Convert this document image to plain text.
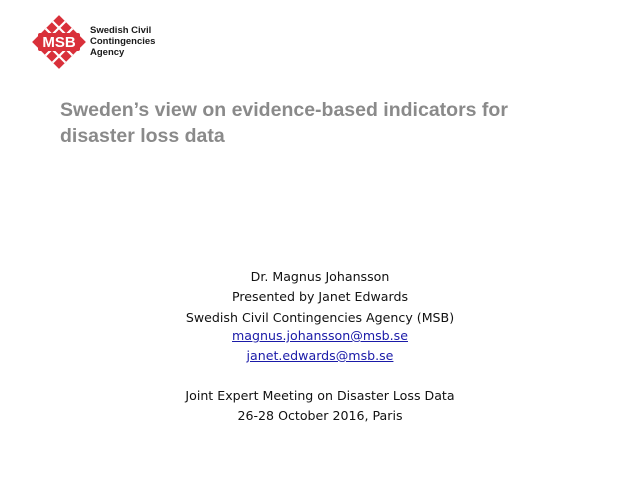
MSB
Swedish Civil
Contingencies
Agency
Sweden’s view on evidence-based indicators for
disaster loss data
Dr. Magnus Johansson
Presented by Janet Edwards
Swedish Civil Contingencies Agency (MSB)
magnus.johansson@msb.se
janet.edwards@msb.se
Joint Expert Meeting on Disaster Loss Data
26-28 October 2016, Paris
